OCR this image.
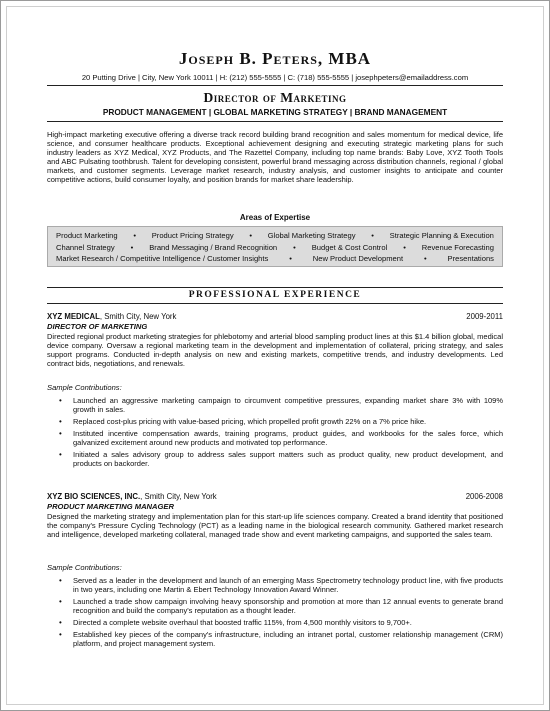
Joseph B. Peters, MBA
20 Putting Drive | City, New York 10011 | H: (212) 555-5555 | C: (718) 555-5555 | josephpeters@emailaddress.com
Director of Marketing
PRODUCT MANAGEMENT | GLOBAL MARKETING STRATEGY | BRAND MANAGEMENT
High-impact marketing executive offering a diverse track record building brand recognition and sales momentum for medical device, life science, and consumer healthcare products. Exceptional achievement designing and executing strategic marketing plans for such industry leaders as XYZ Medical, XYZ Products, and The Razettel Company, including top name brands: Baby Love, XYZ Tooth Tools and ABC Pulsating toothbrush. Talent for developing consistent, powerful brand messaging across distribution channels, regional / global markets, and customer segments. Leverage market research, industry analysis, and customer insights to anticipate and counter competitive actions, build consumer loyalty, and position brands for market share leadership.
Areas of Expertise
Product Marketing • Product Pricing Strategy • Global Marketing Strategy • Strategic Planning & Execution
Channel Strategy • Brand Messaging / Brand Recognition • Budget & Cost Control • Revenue Forecasting
Market Research / Competitive Intelligence / Customer Insights	•	New Product Development	•	Presentations
PROFESSIONAL EXPERIENCE
XYZ MEDICAL, Smith City, New York	2009-2011
DIRECTOR OF MARKETING
Directed regional product marketing strategies for phlebotomy and arterial blood sampling product lines at this $1.4 billion global, medical device company. Oversaw a regional marketing team in the development and implementation of collateral, pricing strategy, and sales support programs. Conducted in-depth analysis on new and existing markets, competitive trends, and industry developments. Led contract bids, negotiations, and renewals.
Sample Contributions:
• Launched an aggressive marketing campaign to circumvent competitive pressures, expanding market share 3% with 109% growth in sales.
• Replaced cost-plus pricing with value-based pricing, which propelled profit growth 22% on a 7% price hike.
• Instituted incentive compensation awards, training programs, product guides, and workbooks for the sales force, which galvanized excitement around new products and motivated top performance.
• Initiated a sales advisory group to address sales support matters such as product quality, new product development, and products on backorder.
XYZ BIO SCIENCES, INC., Smith City, New York	2006-2008
PRODUCT MARKETING MANAGER
Designed the marketing strategy and implementation plan for this start-up life sciences company. Created a brand identity that positioned the company's Pressure Cycling Technology (PCT) as a leading name in the biological research community. Gathered market research and intelligence, developed marketing collateral, managed trade show and event marketing campaigns, and supported the sales team.
Sample Contributions:
• Served as a leader in the development and launch of an emerging Mass Spectrometry technology product line, with five products in two years, including one Martin & Ebert Technology Innovation Award Winner.
• Launched a trade show campaign involving heavy sponsorship and promotion at more than 12 annual events to generate brand recognition and build the company's reputation as a thought leader.
• Directed a complete website overhaul that boosted traffic 115%, from 4,500 monthly visitors to 9,700+.
• Established key pieces of the company's infrastructure, including an intranet portal, customer relationship management (CRM) platform, and project management system.
